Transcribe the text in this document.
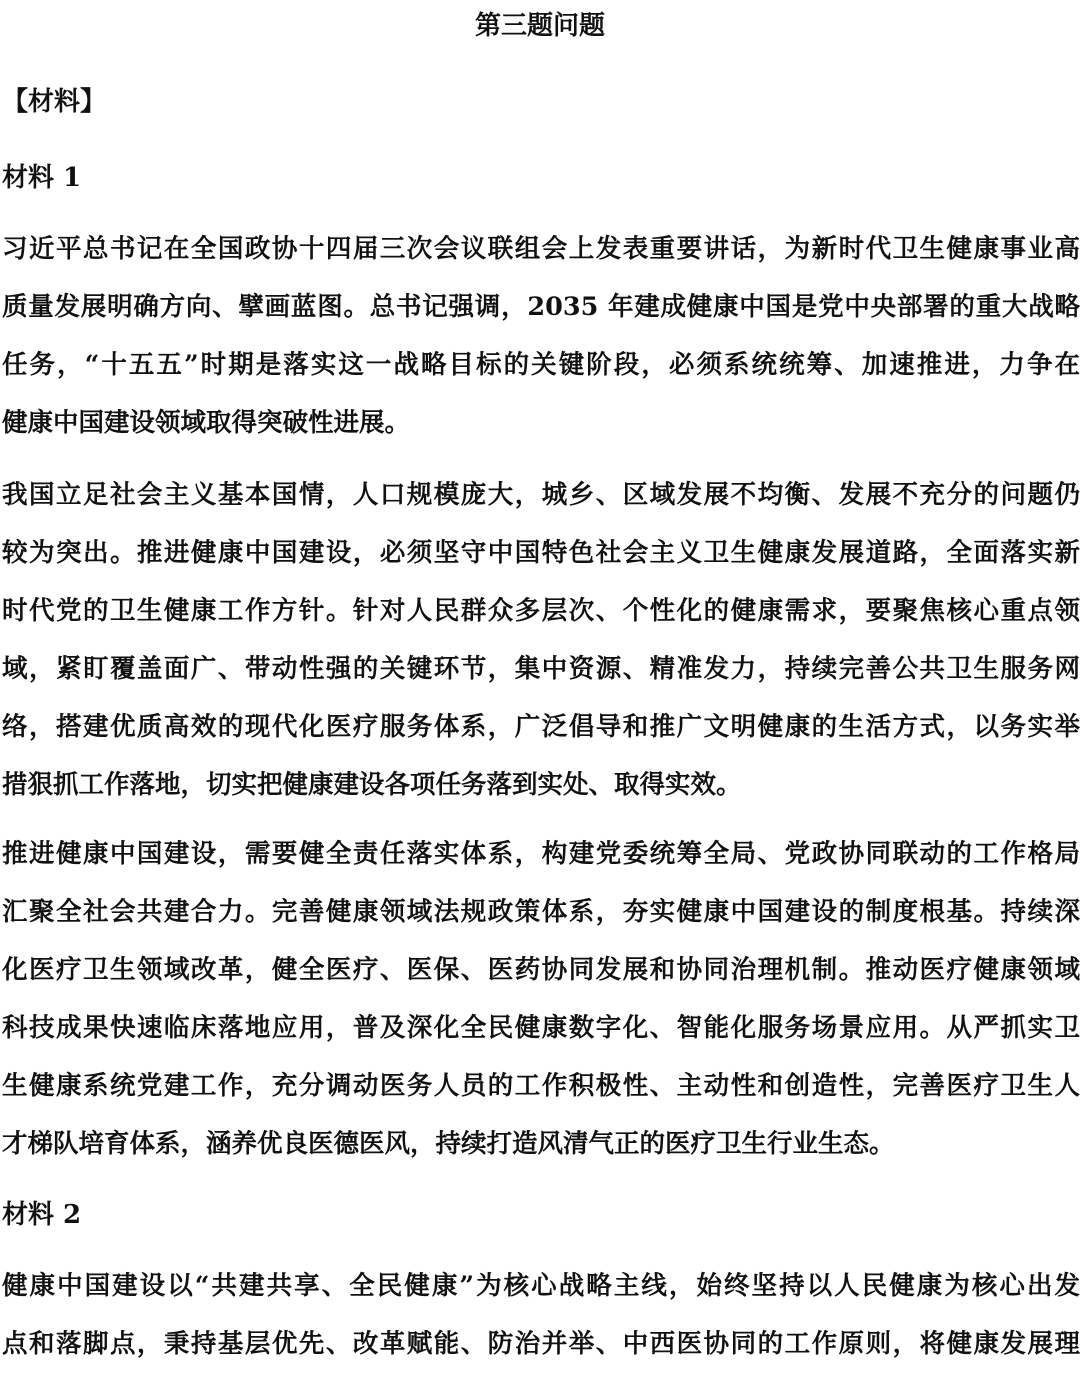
第三题问题
【材料】
材料 1
习近平总书记在全国政协十四届三次会议联组会上发表重要讲话，为新时代卫生健康事业高
质量发展明确方向、擘画蓝图。总书记强调，2035 年建成健康中国是党中央部署的重大战略
任务，“十五五”时期是落实这一战略目标的关键阶段，必须系统统筹、加速推进，力争在
健康中国建设领域取得突破性进展。
我国立足社会主义基本国情，人口规模庞大，城乡、区域发展不均衡、发展不充分的问题仍
较为突出。推进健康中国建设，必须坚守中国特色社会主义卫生健康发展道路，全面落实新
时代党的卫生健康工作方针。针对人民群众多层次、个性化的健康需求，要聚焦核心重点领
域，紧盯覆盖面广、带动性强的关键环节，集中资源、精准发力，持续完善公共卫生服务网
络，搭建优质高效的现代化医疗服务体系，广泛倡导和推广文明健康的生活方式，以务实举
措狠抓工作落地，切实把健康建设各项任务落到实处、取得实效。
推进健康中国建设，需要健全责任落实体系，构建党委统筹全局、党政协同联动的工作格局
汇聚全社会共建合力。完善健康领域法规政策体系，夯实健康中国建设的制度根基。持续深
化医疗卫生领域改革，健全医疗、医保、医药协同发展和协同治理机制。推动医疗健康领域
科技成果快速临床落地应用，普及深化全民健康数字化、智能化服务场景应用。从严抓实卫
生健康系统党建工作，充分调动医务人员的工作积极性、主动性和创造性，完善医疗卫生人
才梯队培育体系，涵养优良医德医风，持续打造风清气正的医疗卫生行业生态。
材料 2
健康中国建设以“共建共享、全民健康”为核心战略主线，始终坚持以人民健康为核心出发
点和落脚点，秉持基层优先、改革赋能、防治并举、中西医协同的工作原则，将健康发展理
